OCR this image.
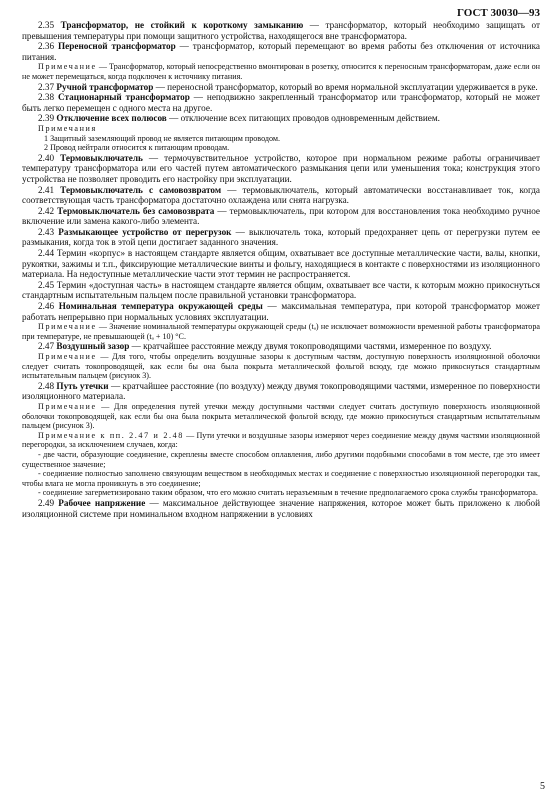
ГОСТ 30030—93

2.35 Трансформатор, не стойкий к короткому замыканию — трансформатор, который необходимо защищать от превышения температуры при помощи защитного устройства, находящегося вне трансформатора.

2.36 Переносной трансформатор — трансформатор, который перемещают во время работы без отключения от источника питания.

Примечание — Трансформатор, который непосредственно вмонтирован в розетку, относится к переносным трансформаторам, даже если он не может перемещаться, когда подключен к источнику питания.

2.37 Ручной трансформатор — переносной трансформатор, который во время нормальной эксплуатации удерживается в руке.

2.38 Стационарный трансформатор — неподвижно закрепленный трансформатор или трансформатор, который не может быть легко перемещен с одного места на другое.

2.39 Отключение всех полюсов — отключение всех питающих проводов одновременным действием.

Примечания

1 Защитный заземляющий провод не является питающим проводом.

2 Провод нейтрали относится к питающим проводам.

2.40 Термовыключатель — термочувствительное устройство, которое при нормальном режиме работы ограничивает температуру трансформатора или его частей путем автоматического размыкания цепи или уменьшения тока; конструкция этого устройства не позволяет проводить его настройку при эксплуатации.

2.41 Термовыключатель с самовозвратом — термовыключатель, который автоматически восстанавливает ток, когда соответствующая часть трансформатора достаточно охлаждена или снята нагрузка.

2.42 Термовыключатель без самовозврата — термовыключатель, при котором для восстановления тока необходимо ручное включение или замена какого-либо элемента.

2.43 Размыкающее устройство от перегрузок — выключатель тока, который предохраняет цепь от перегрузки путем ее размыкания, когда ток в этой цепи достигает заданного значения.

2.44 Термин «корпус» в настоящем стандарте является общим, охватывает все доступные металлические части, валы, кнопки, рукоятки, зажимы и т.п., фиксирующие металлические винты и фольгу, находящиеся в контакте с поверхностями из изоляционного материала. На недоступные металлические части этот термин не распространяется.

2.45 Термин «доступная часть» в настоящем стандарте является общим, охватывает все части, к которым можно прикоснуться стандартным испытательным пальцем после правильной установки трансформатора.

2.46 Номинальная температура окружающей среды — максимальная температура, при которой трансформатор может работать непрерывно при нормальных условиях эксплуатации.

Примечание — Значение номинальной температуры окружающей среды (tₐ) не исключает возможности временной работы трансформатора при температуре, не превышающей (tₐ + 10) °C.

2.47 Воздушный зазор — кратчайшее расстояние между двумя токопроводящими частями, измеренное по воздуху.

Примечание — Для того, чтобы определить воздушные зазоры к доступным частям, доступную поверхность изоляционной оболочки следует считать токопроводящей, как если бы она была покрыта металлической фольгой всюду, где можно прикоснуться стандартным испытательным пальцем (рисунок 3).

2.48 Путь утечки — кратчайшее расстояние (по воздуху) между двумя токопроводящими частями, измеренное по поверхности изоляционного материала.

Примечание — Для определения путей утечки между доступными частями следует считать доступную поверхность изоляционной оболочки токопроводящей, как если бы она была покрыта металлической фольгой всюду, где можно прикоснуться стандартным испытательным пальцем (рисунок 3).

Примечание к пп. 2.47 и 2.48 — Пути утечки и воздушные зазоры измеряют через соединение между двумя частями изоляционной перегородки, за исключением случаев, когда:

- две части, образующие соединение, скреплены вместе способом оплавления, либо другими подобными способами в том месте, где это имеет существенное значение;

- соединение полностью заполнено связующим веществом в необходимых местах и соединение с поверхностью изоляционной перегородки так, чтобы влага не могла проникнуть в это соединение;

- соединение загерметизировано таким образом, что его можно считать неразъемным в течение предполагаемого срока службы трансформатора.

2.49 Рабочее напряжение — максимальное действующее значение напряжения, которое может быть приложено к любой изоляционной системе при номинальном входном напряжении в условиях

5
